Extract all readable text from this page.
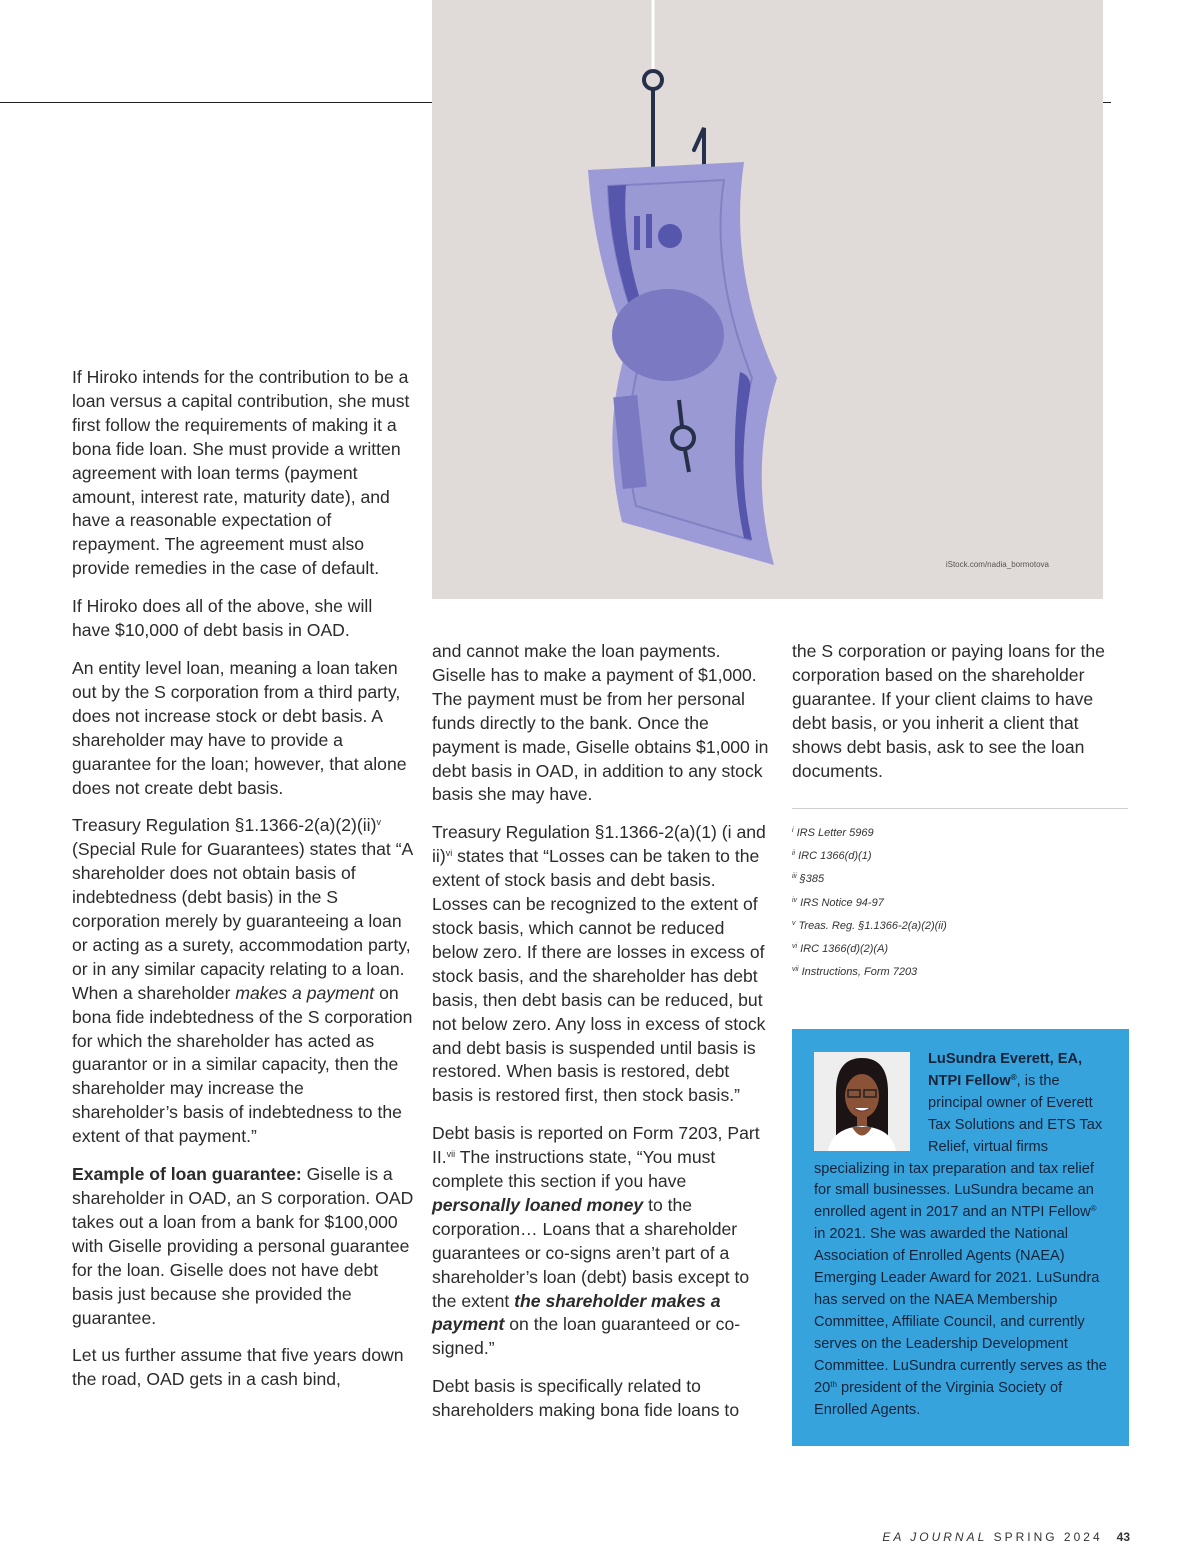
iStock.com/nadia_bormotova

If Hiroko intends for the contribution to be a loan versus a capital contribution, she must first follow the requirements of making it a bona fide loan. She must provide a written agreement with loan terms (payment amount, interest rate, maturity date), and have a reasonable expectation of repayment. The agreement must also provide remedies in the case of default.

If Hiroko does all of the above, she will have $10,000 of debt basis in OAD.

An entity level loan, meaning a loan taken out by the S corporation from a third party, does not increase stock or debt basis. A shareholder may have to provide a guarantee for the loan; however, that alone does not create debt basis.

Treasury Regulation §1.1366-2(a)(2)(ii)$^v$ (Special Rule for Guarantees) states that “A shareholder does not obtain basis of indebtedness (debt basis) in the S corporation merely by guaranteeing a loan or acting as a surety, accommodation party, or in any similar capacity relating to a loan. When a shareholder makes a payment on bona fide indebtedness of the S corporation for which the shareholder has acted as guarantor or in a similar capacity, then the shareholder may increase the shareholder’s basis of indebtedness to the extent of that payment.”

Example of loan guarantee: Giselle is a shareholder in OAD, an S corporation. OAD takes out a loan from a bank for $100,000 with Giselle providing a personal guarantee for the loan. Giselle does not have debt basis just because she provided the guarantee.

Let us further assume that five years down the road, OAD gets in a cash bind,

and cannot make the loan payments. Giselle has to make a payment of $1,000. The payment must be from her personal funds directly to the bank. Once the payment is made, Giselle obtains $1,000 in debt basis in OAD, in addition to any stock basis she may have.

Treasury Regulation §1.1366-2(a)(1) (i and ii)$^{vi}$ states that “Losses can be taken to the extent of stock basis and debt basis. Losses can be recognized to the extent of stock basis, which cannot be reduced below zero. If there are losses in excess of stock basis, and the shareholder has debt basis, then debt basis can be reduced, but not below zero. Any loss in excess of stock and debt basis is suspended until basis is restored. When basis is restored, debt basis is restored first, then stock basis.”

Debt basis is reported on Form 7203, Part II.$^{vii}$ The instructions state, “You must complete this section if you have personally loaned money to the corporation… Loans that a shareholder guarantees or co-signs aren’t part of a shareholder’s loan (debt) basis except to the extent the shareholder makes a payment on the loan guaranteed or co-signed.”

Debt basis is specifically related to shareholders making bona fide loans to

the S corporation or paying loans for the corporation based on the shareholder guarantee. If your client claims to have debt basis, or you inherit a client that shows debt basis, ask to see the loan documents.

$^i$ IRS Letter 5969
$^{ii}$ IRC 1366(d)(1)
$^{iii}$ §385
$^{iv}$ IRS Notice 94-97
$^v$ Treas. Reg. §1.1366-2(a)(2)(ii)
$^{vi}$ IRC 1366(d)(2)(A)
$^{vii}$ Instructions, Form 7203
LuSundra Everett, EA, NTPI Fellow®, is the principal owner of Everett Tax Solutions and ETS Tax Relief, virtual firms specializing in tax preparation and tax relief for small businesses. LuSundra became an enrolled agent in 2017 and an NTPI Fellow® in 2021. She was awarded the National Association of Enrolled Agents (NAEA) Emerging Leader Award for 2021. LuSundra has served on the NAEA Membership Committee, Affiliate Council, and currently serves on the Leadership Development Committee. LuSundra currently serves as the 20th president of the Virginia Society of Enrolled Agents.
EA JOURNAL SPRING 2024 43
